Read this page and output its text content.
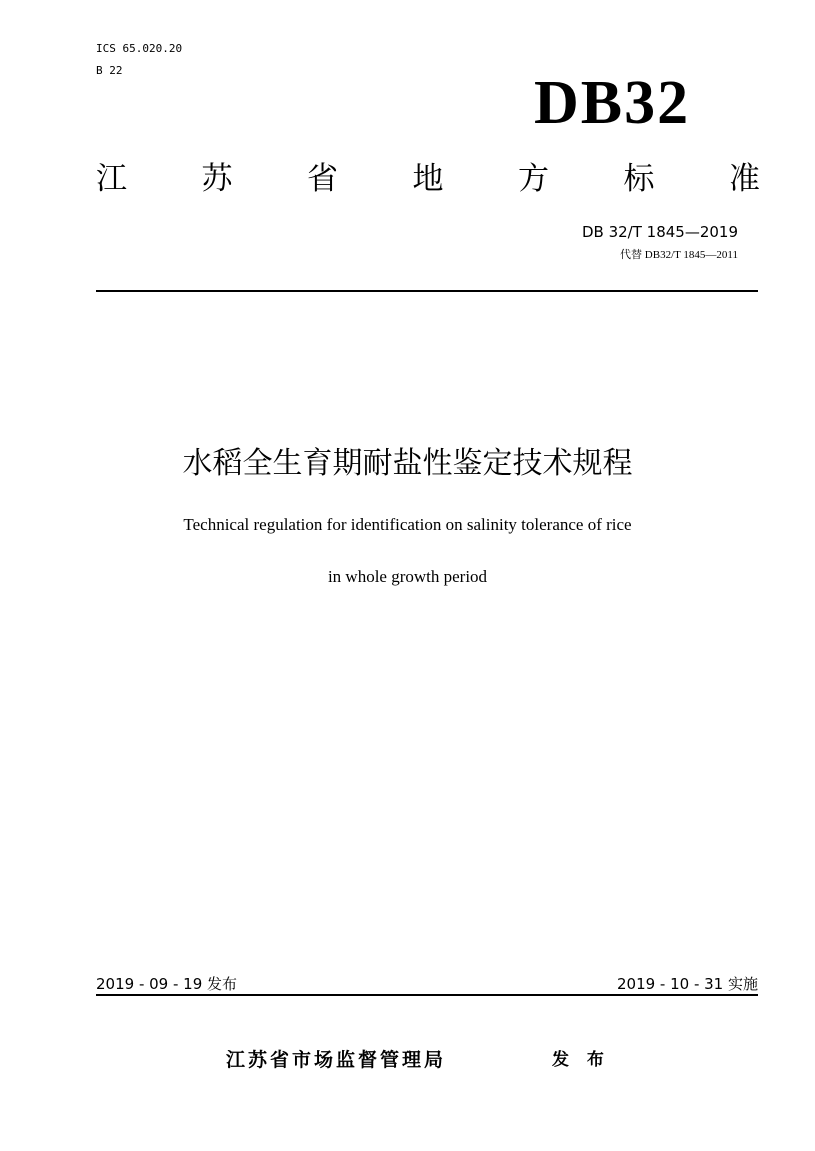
ICS 65.020.20
B 22	DB32
江 苏 省 地 方 标 准
DB 32/T 1845—2019
代替 DB32/T 1845—2011
水稻全生育期耐盐性鉴定技术规程
Technical regulation for identification on salinity tolerance of rice
in whole growth period
2019 - 09 - 19 发布	2019 - 10 - 31 实施
江苏省市场监督管理局	发 布
